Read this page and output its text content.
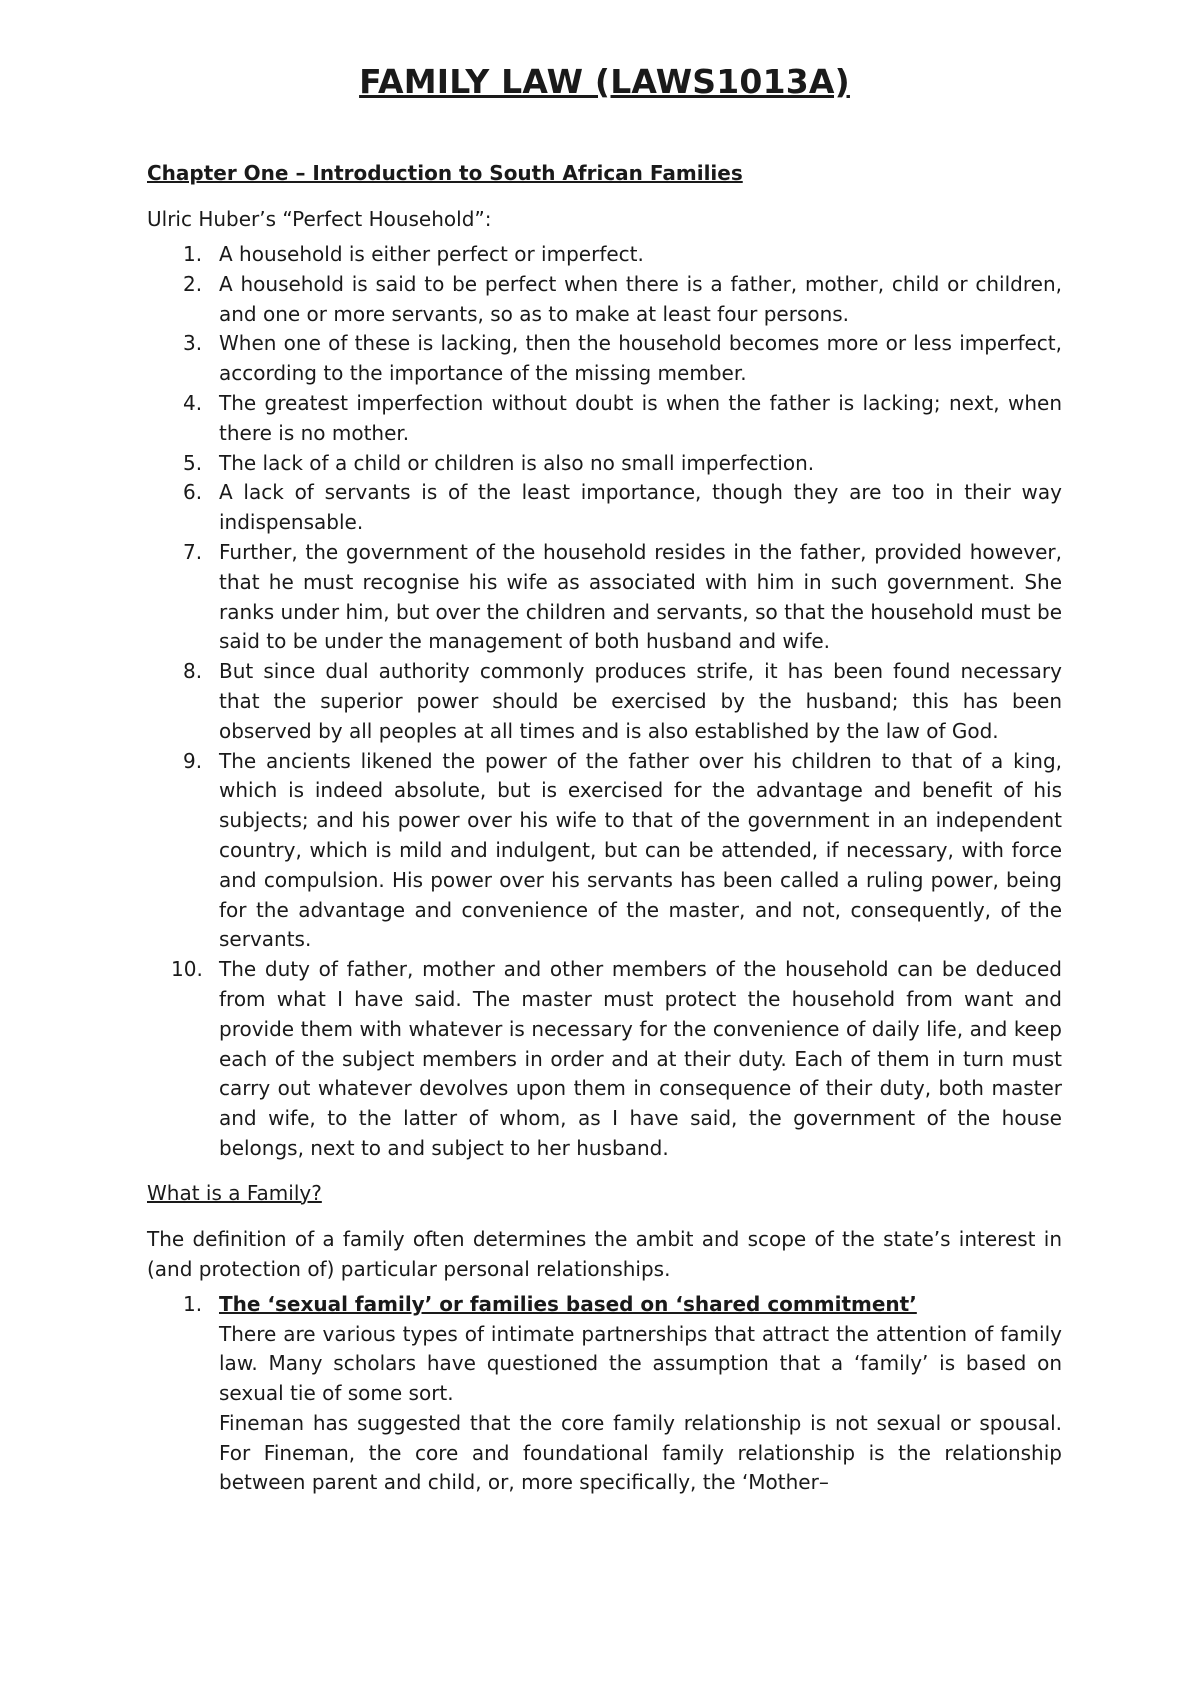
FAMILY LAW (LAWS1013A)

Chapter One – Introduction to South African Families

Ulric Huber’s “Perfect Household”:

1. A household is either perfect or imperfect.
2. A household is said to be perfect when there is a father, mother, child or children, and one or more servants, so as to make at least four persons.
3. When one of these is lacking, then the household becomes more or less imperfect, according to the importance of the missing member.
4. The greatest imperfection without doubt is when the father is lacking; next, when there is no mother.
5. The lack of a child or children is also no small imperfection.
6. A lack of servants is of the least importance, though they are too in their way indispensable.
7. Further, the government of the household resides in the father, provided however, that he must recognise his wife as associated with him in such government. She ranks under him, but over the children and servants, so that the household must be said to be under the management of both husband and wife.
8. But since dual authority commonly produces strife, it has been found necessary that the superior power should be exercised by the husband; this has been observed by all peoples at all times and is also established by the law of God.
9. The ancients likened the power of the father over his children to that of a king, which is indeed absolute, but is exercised for the advantage and benefit of his subjects; and his power over his wife to that of the government in an independent country, which is mild and indulgent, but can be attended, if necessary, with force and compulsion. His power over his servants has been called a ruling power, being for the advantage and convenience of the master, and not, consequently, of the servants.
10. The duty of father, mother and other members of the household can be deduced from what I have said. The master must protect the household from want and provide them with whatever is necessary for the convenience of daily life, and keep each of the subject members in order and at their duty. Each of them in turn must carry out whatever devolves upon them in consequence of their duty, both master and wife, to the latter of whom, as I have said, the government of the house belongs, next to and subject to her husband.

What is a Family?

The definition of a family often determines the ambit and scope of the state’s interest in (and protection of) particular personal relationships.

1. The ‘sexual family’ or families based on ‘shared commitment’
There are various types of intimate partnerships that attract the attention of family law. Many scholars have questioned the assumption that a ‘family’ is based on sexual tie of some sort.
Fineman has suggested that the core family relationship is not sexual or spousal. For Fineman, the core and foundational family relationship is the relationship between parent and child, or, more specifically, the ‘Mother–
